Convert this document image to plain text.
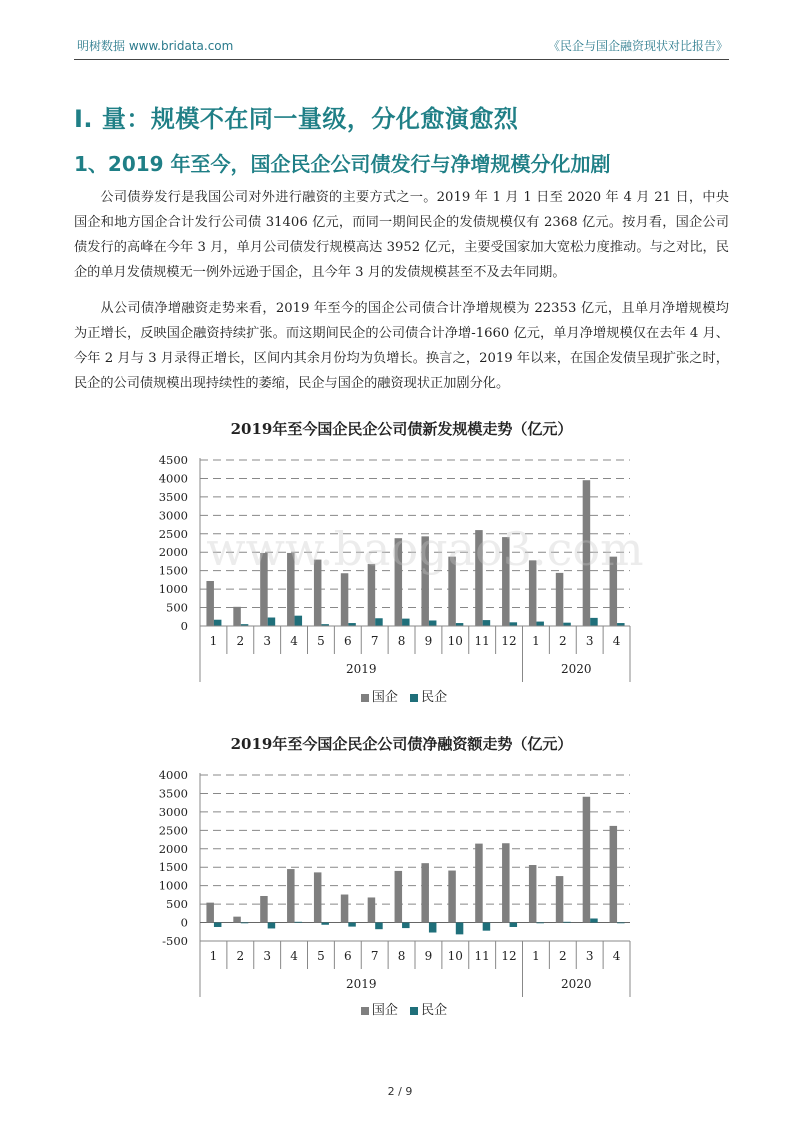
明树数据 www.bridata.com	《民企与国企融资现状对比报告》
I. 量：规模不在同一量级，分化愈演愈烈
1、2019 年至今，国企民企公司债发行与净增规模分化加剧

公司债券发行是我国公司对外进行融资的主要方式之一。2019 年 1 月 1 日至 2020 年 4 月 21 日，中央国企和地方国企合计发行公司债 31406 亿元，而同一期间民企的发债规模仅有 2368 亿元。按月看，国企公司债发行的高峰在今年 3 月，单月公司债发行规模高达 3952 亿元，主要受国家加大宽松力度推动。与之对比，民企的单月发债规模无一例外远逊于国企，且今年 3 月的发债规模甚至不及去年同期。

从公司债净增融资走势来看，2019 年至今的国企公司债合计净增规模为 22353 亿元，且单月净增规模均为正增长，反映国企融资持续扩张。而这期间民企的公司债合计净增-1660 亿元，单月净增规模仅在去年 4 月、今年 2 月与 3 月录得正增长，区间内其余月份均为负增长。换言之，2019 年以来，在国企发债呈现扩张之时，民企的公司债规模出现持续性的萎缩，民企与国企的融资现状正加剧分化。

2019年至今国企民企公司债新发规模走势（亿元）
0
500
1000
1500
2000
2500
3000
3500
4000
4500
1 2 3 4 5 6 7 8 9 10 11 12 1 2 3 4
2019	2020
www.baogao3.com
国企 民企
2019年至今国企民企公司债净融资额走势（亿元）
-500
0
500
1000
1500
2000
2500
3000
3500
4000
1 2 3 4 5 6 7 8 9 10 11 12 1 2 3 4
2019	2020
国企 民企
2 / 9
